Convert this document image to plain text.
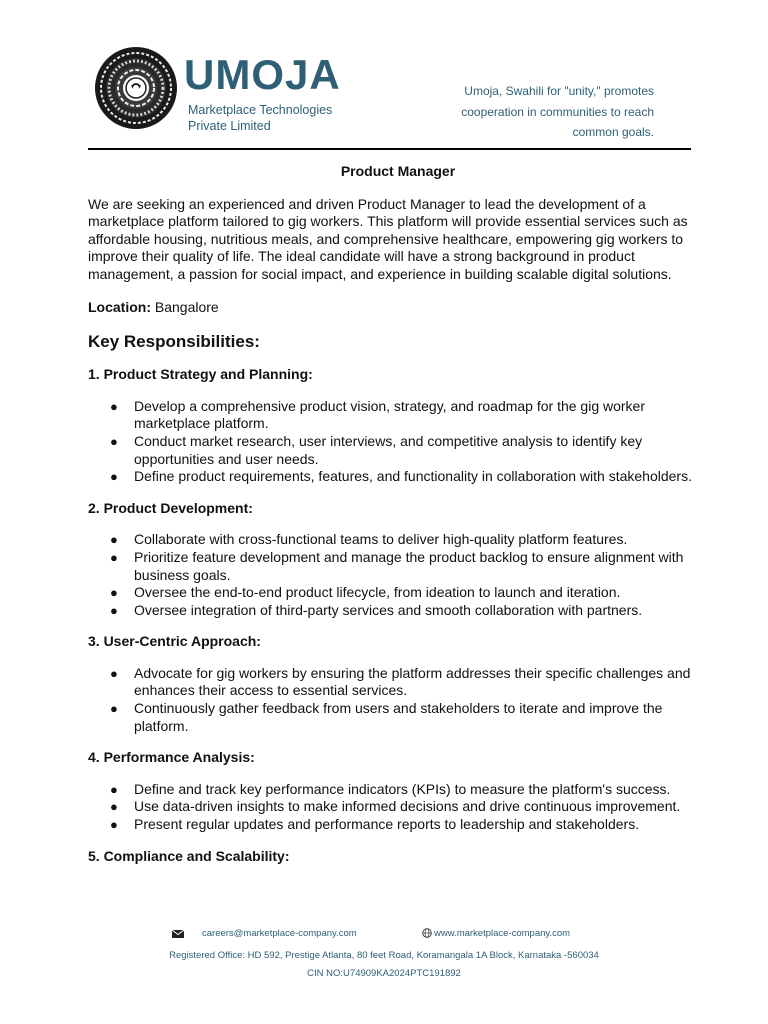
UMOJA
Marketplace Technologies
Private Limited
Umoja, Swahili for "unity," promotes
cooperation in communities to reach
common goals.
Product Manager

We are seeking an experienced and driven Product Manager to lead the development of a marketplace platform tailored to gig workers. This platform will provide essential services such as affordable housing, nutritious meals, and comprehensive healthcare, empowering gig workers to improve their quality of life. The ideal candidate will have a strong background in product management, a passion for social impact, and experience in building scalable digital solutions.

Location: Bangalore

Key Responsibilities:
1. Product Strategy and Planning:
● Develop a comprehensive product vision, strategy, and roadmap for the gig worker marketplace platform.
● Conduct market research, user interviews, and competitive analysis to identify key opportunities and user needs.
● Define product requirements, features, and functionality in collaboration with stakeholders.
2. Product Development:
● Collaborate with cross-functional teams to deliver high-quality platform features.
● Prioritize feature development and manage the product backlog to ensure alignment with business goals.
● Oversee the end-to-end product lifecycle, from ideation to launch and iteration.
● Oversee integration of third-party services and smooth collaboration with partners.
3. User-Centric Approach:
● Advocate for gig workers by ensuring the platform addresses their specific challenges and enhances their access to essential services.
● Continuously gather feedback from users and stakeholders to iterate and improve the platform.
4. Performance Analysis:
● Define and track key performance indicators (KPIs) to measure the platform's success.
● Use data-driven insights to make informed decisions and drive continuous improvement.
● Present regular updates and performance reports to leadership and stakeholders.
5. Compliance and Scalability:
careers@marketplace-company.com	www.marketplace-company.com
Registered Office: HD 592, Prestige Atlanta, 80 feet Road, Koramangala 1A Block, Karnataka -560034
CIN NO:U74909KA2024PTC191892
